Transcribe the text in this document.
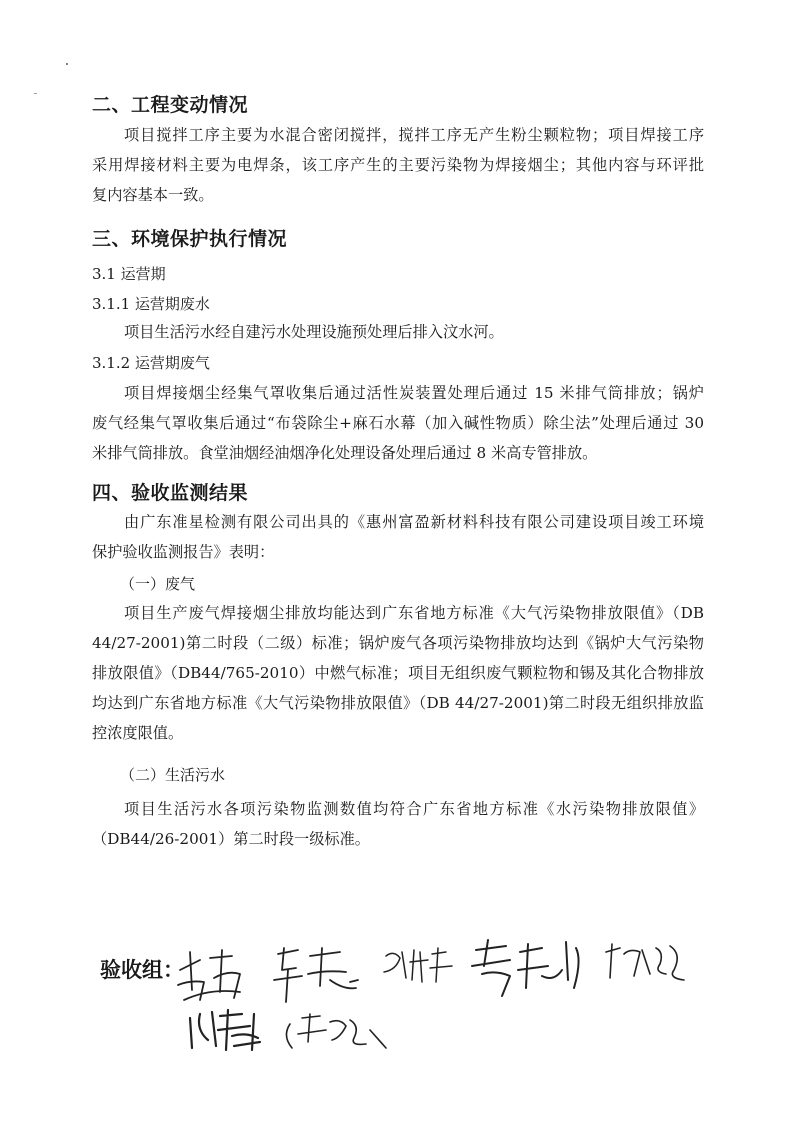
二、工程变动情况
项目搅拌工序主要为水混合密闭搅拌，搅拌工序无产生粉尘颗粒物；项目焊接工序
采用焊接材料主要为电焊条，该工序产生的主要污染物为焊接烟尘；其他内容与环评批
复内容基本一致。
三、环境保护执行情况
3.1 运营期
3.1.1 运营期废水
项目生活污水经自建污水处理设施预处理后排入汶水河。
3.1.2 运营期废气
项目焊接烟尘经集气罩收集后通过活性炭装置处理后通过 15 米排气筒排放；锅炉
废气经集气罩收集后通过“布袋除尘+麻石水幕（加入碱性物质）除尘法”处理后通过 30
米排气筒排放。食堂油烟经油烟净化处理设备处理后通过 8 米高专管排放。
四、验收监测结果
由广东准星检测有限公司出具的《惠州富盈新材料科技有限公司建设项目竣工环境
保护验收监测报告》表明：
（一）废气
项目生产废气焊接烟尘排放均能达到广东省地方标准《大气污染物排放限值》（DB
44/27-2001)第二时段（二级）标准；锅炉废气各项污染物排放均达到《锅炉大气污染物
排放限值》（DB44/765-2010）中燃气标准；项目无组织废气颗粒物和锡及其化合物排放
均达到广东省地方标准《大气污染物排放限值》（DB 44/27-2001)第二时段无组织排放监
控浓度限值。
（二）生活污水
项目生活污水各项污染物监测数值均符合广东省地方标准《水污染物排放限值》
（DB44/26-2001）第二时段一级标准。
验收组：
